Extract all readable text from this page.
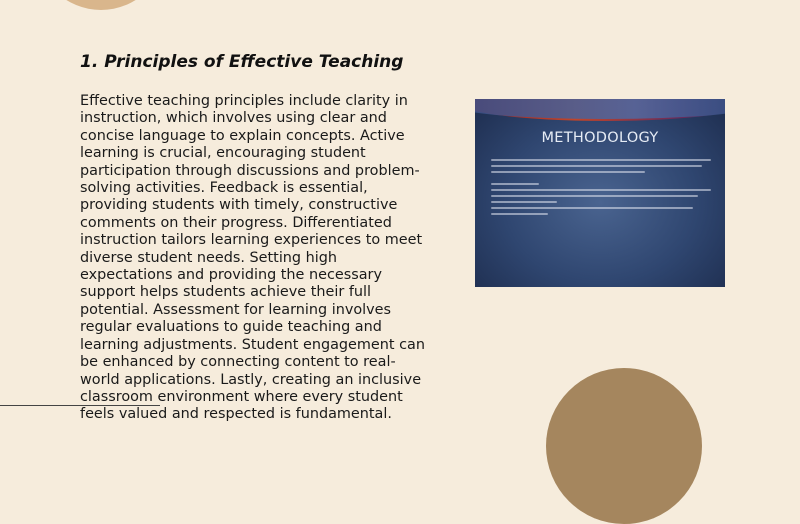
1. Principles of Effective Teaching

Effective teaching principles include clarity in instruction, which involves using clear and concise language to explain concepts. Active learning is crucial, encouraging student participation through discussions and problem-solving activities. Feedback is essential, providing students with timely, constructive comments on their progress. Differentiated instruction tailors learning experiences to meet diverse student needs. Setting high expectations and providing the necessary support helps students achieve their full potential. Assessment for learning involves regular evaluations to guide teaching and learning adjustments. Student engagement can be enhanced by connecting content to real-world applications. Lastly, creating an inclusive classroom environment where every student feels valued and respected is fundamental.

METHODOLOGY
